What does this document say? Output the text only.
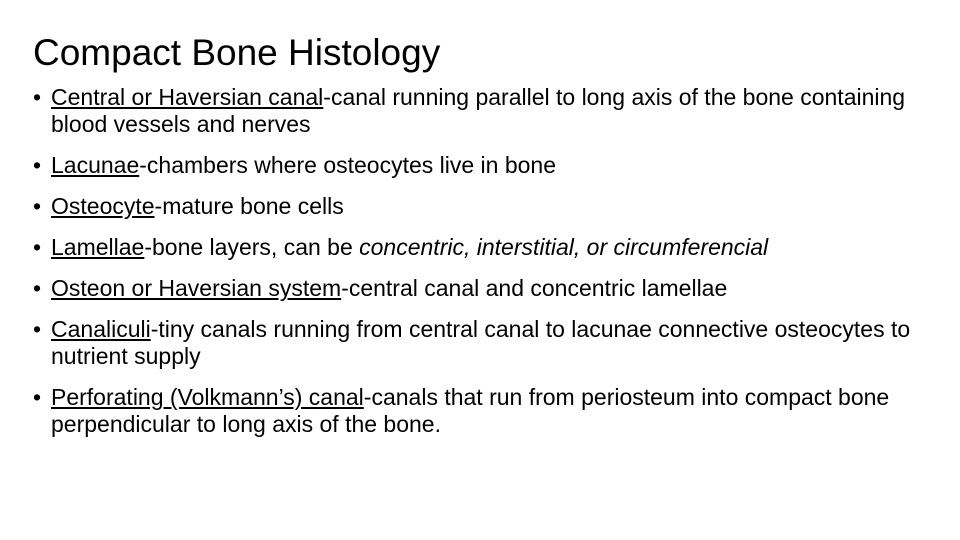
Compact Bone Histology
• Central or Haversian canal-canal running parallel to long axis of the bone containing blood vessels and nerves
• Lacunae-chambers where osteocytes live in bone
• Osteocyte-mature bone cells
• Lamellae-bone layers, can be concentric, interstitial, or circumferencial
• Osteon or Haversian system-central canal and concentric lamellae
• Canaliculi-tiny canals running from central canal to lacunae connective osteocytes to nutrient supply
• Perforating (Volkmann’s) canal-canals that run from periosteum into compact bone perpendicular to long axis of the bone.
